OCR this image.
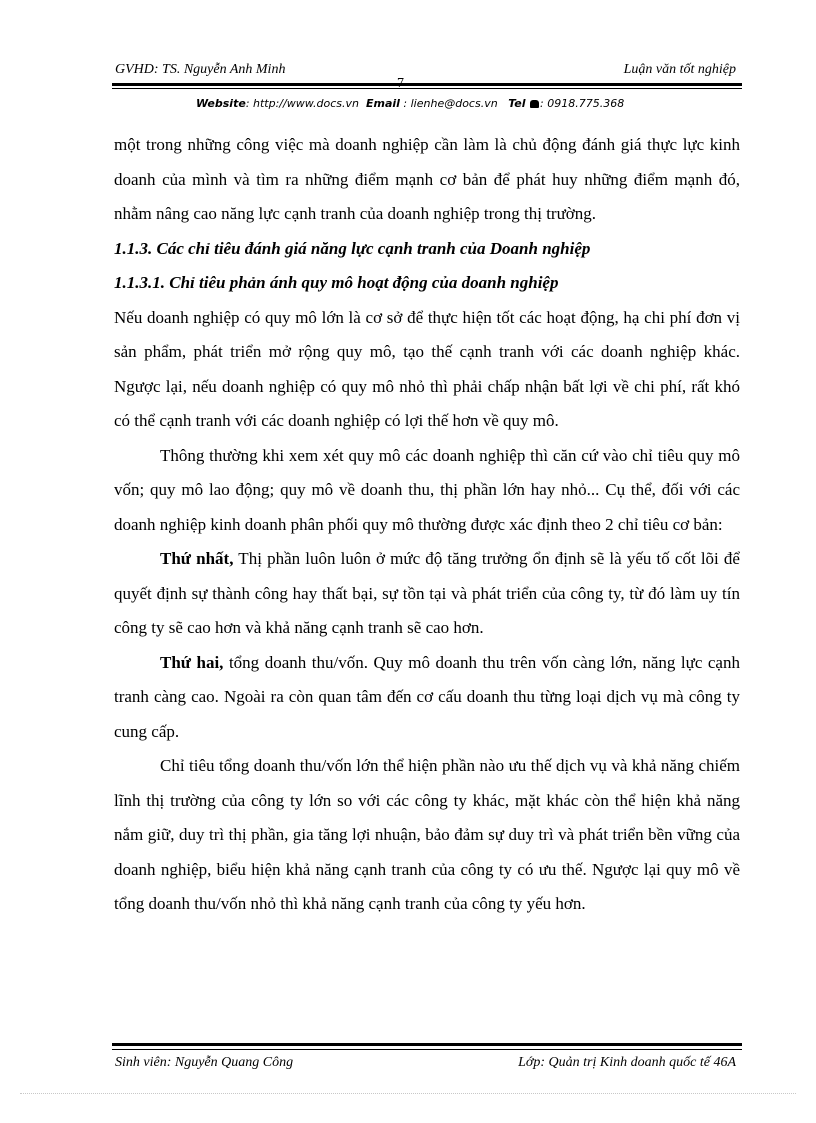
GVHD: TS. Nguyễn Anh Minh	Luận văn tốt nghiệp
Website: http://www.docs.vn Email : lienhe@docs.vn Tel : 0918.775.368

một trong những công việc mà doanh nghiệp cần làm là chủ động đánh giá thực lực kinh doanh của mình và tìm ra những điểm mạnh cơ bản để phát huy những điểm mạnh đó, nhằm nâng cao năng lực cạnh tranh của doanh nghiệp trong thị trường.

1.1.3. Các chỉ tiêu đánh giá năng lực cạnh tranh của Doanh nghiệp

1.1.3.1. Chỉ tiêu phản ánh quy mô hoạt động của doanh nghiệp

Nếu doanh nghiệp có quy mô lớn là cơ sở để thực hiện tốt các hoạt động, hạ chi phí đơn vị sản phẩm, phát triển mở rộng quy mô, tạo thế cạnh tranh với các doanh nghiệp khác. Ngược lại, nếu doanh nghiệp có quy mô nhỏ thì phải chấp nhận bất lợi về chi phí, rất khó có thể cạnh tranh với các doanh nghiệp có lợi thế hơn về quy mô.

Thông thường khi xem xét quy mô các doanh nghiệp thì căn cứ vào chỉ tiêu quy mô vốn; quy mô lao động; quy mô về doanh thu, thị phần lớn hay nhỏ... Cụ thể, đối với các doanh nghiệp kinh doanh phân phối quy mô thường được xác định theo 2 chỉ tiêu cơ bản:

Thứ nhất, Thị phần luôn luôn ở mức độ tăng trưởng ổn định sẽ là yếu tố cốt lõi để quyết định sự thành công hay thất bại, sự tồn tại và phát triển của công ty, từ đó làm uy tín công ty sẽ cao hơn và khả năng cạnh tranh sẽ cao hơn.

Thứ hai, tổng doanh thu/vốn. Quy mô doanh thu trên vốn càng lớn, năng lực cạnh tranh càng cao. Ngoài ra còn quan tâm đến cơ cấu doanh thu từng loại dịch vụ mà công ty cung cấp.

Chỉ tiêu tổng doanh thu/vốn lớn thể hiện phần nào ưu thế dịch vụ và khả năng chiếm lĩnh thị trường của công ty lớn so với các công ty khác, mặt khác còn thể hiện khả năng nắm giữ, duy trì thị phần, gia tăng lợi nhuận, bảo đảm sự duy trì và phát triển bền vững của doanh nghiệp, biểu hiện khả năng cạnh tranh của công ty có ưu thế. Ngược lại quy mô về tổng doanh thu/vốn nhỏ thì khả năng cạnh tranh của công ty yếu hơn.

Sinh viên: Nguyễn Quang Công	Lớp: Quản trị Kinh doanh quốc tế 46A
